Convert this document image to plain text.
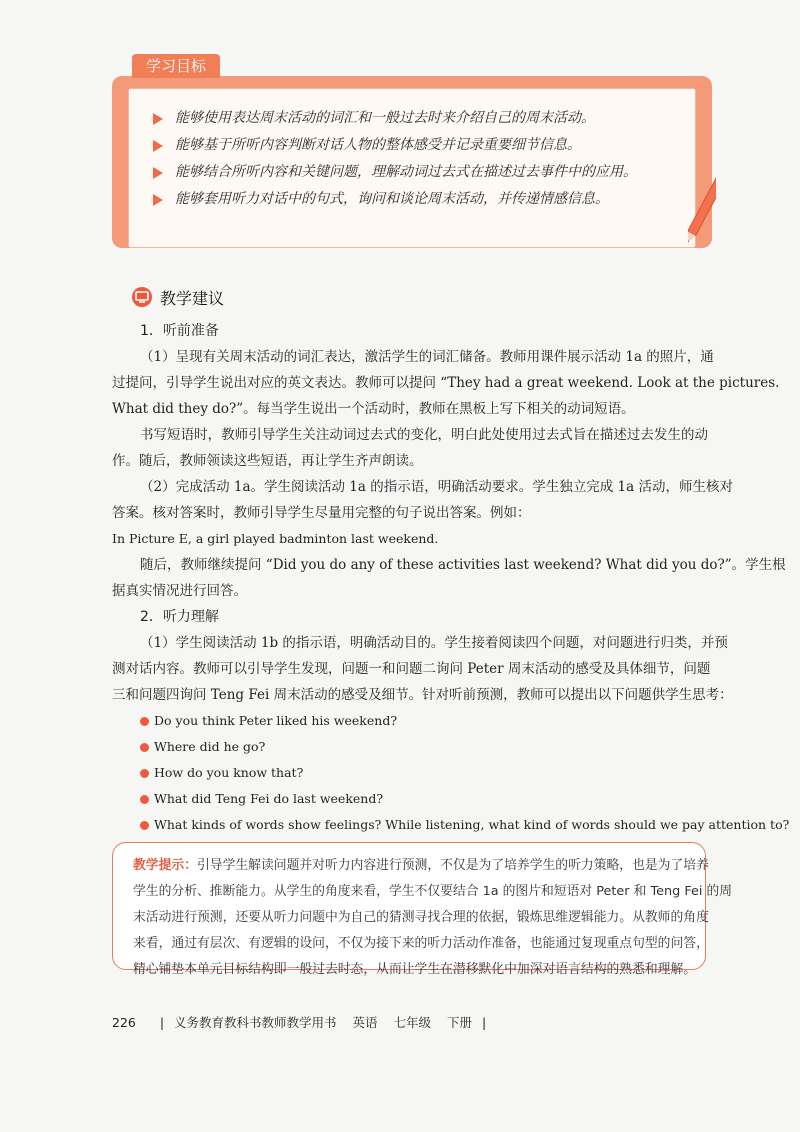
学习目标
能够使用表达周末活动的词汇和一般过去时来介绍自己的周末活动。
能够基于所听内容判断对话人物的整体感受并记录重要细节信息。
能够结合所听内容和关键问题，理解动词过去式在描述过去事件中的应用。
能够套用听力对话中的句式，询问和谈论周末活动，并传递情感信息。
教学建议
1．听前准备
（1）呈现有关周末活动的词汇表达，激活学生的词汇储备。教师用课件展示活动 1a 的照片，通
过提问，引导学生说出对应的英文表达。教师可以提问 “They had a great weekend. Look at the pictures.
What did they do?”。每当学生说出一个活动时，教师在黑板上写下相关的动词短语。
书写短语时，教师引导学生关注动词过去式的变化，明白此处使用过去式旨在描述过去发生的动
作。随后，教师领读这些短语，再让学生齐声朗读。
（2）完成活动 1a。学生阅读活动 1a 的指示语，明确活动要求。学生独立完成 1a 活动，师生核对
答案。核对答案时，教师引导学生尽量用完整的句子说出答案。例如：
In Picture E, a girl played badminton last weekend.
随后，教师继续提问 “Did you do any of these activities last weekend? What did you do?”。学生根
据真实情况进行回答。
2．听力理解
（1）学生阅读活动 1b 的指示语，明确活动目的。学生接着阅读四个问题，对问题进行归类，并预
测对话内容。教师可以引导学生发现，问题一和问题二询问 Peter 周末活动的感受及具体细节，问题
三和问题四询问 Teng Fei 周末活动的感受及细节。针对听前预测，教师可以提出以下问题供学生思考：
Do you think Peter liked his weekend?
Where did he go?
How do you know that?
What did Teng Fei do last weekend?
What kinds of words show feelings? While listening, what kind of words should we pay attention to?
教学提示：引导学生解读问题并对听力内容进行预测，不仅是为了培养学生的听力策略，也是为了培养
学生的分析、推断能力。从学生的角度来看，学生不仅要结合 1a 的图片和短语对 Peter 和 Teng Fei 的周
末活动进行预测，还要从听力问题中为自己的猜测寻找合理的依据，锻炼思维逻辑能力。从教师的角度
来看，通过有层次、有逻辑的设问，不仅为接下来的听力活动作准备，也能通过复现重点句型的问答，
精心铺垫本单元目标结构即一般过去时态，从而让学生在潜移默化中加深对语言结构的熟悉和理解。
226 | 义务教育教科书教师教学用书 英语 七年级 下册 |
